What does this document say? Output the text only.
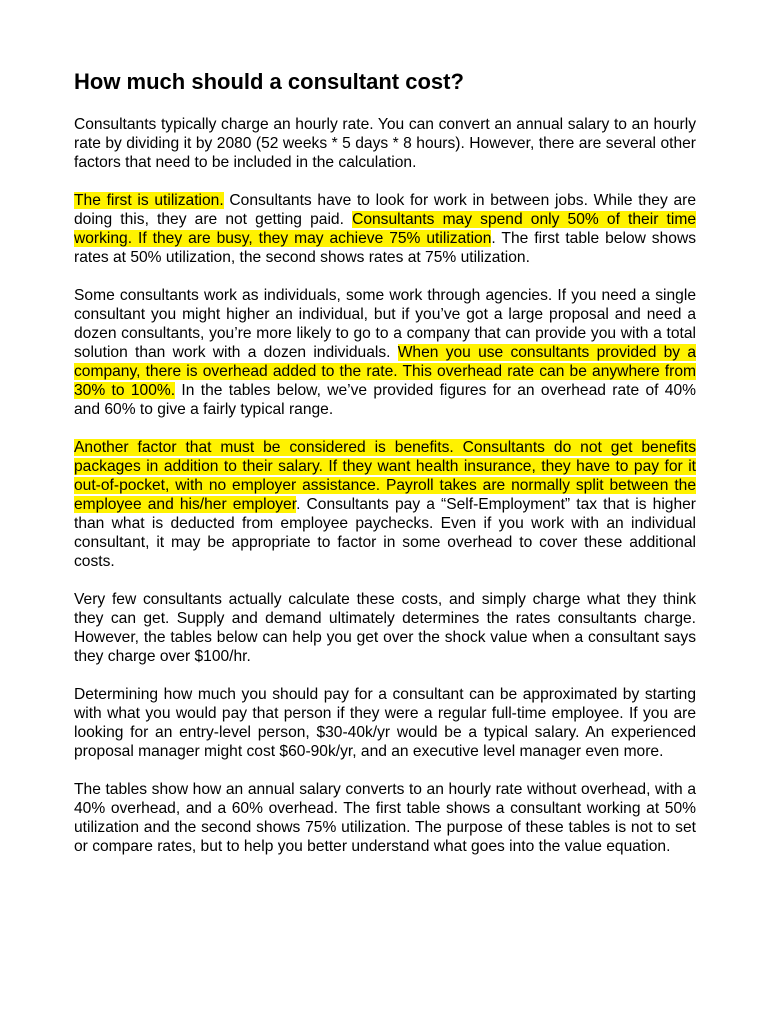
How much should a consultant cost?

Consultants typically charge an hourly rate. You can convert an annual salary to an hourly rate by dividing it by 2080 (52 weeks * 5 days * 8 hours). However, there are several other factors that need to be included in the calculation.

The first is utilization. Consultants have to look for work in between jobs. While they are doing this, they are not getting paid. Consultants may spend only 50% of their time working. If they are busy, they may achieve 75% utilization. The first table below shows rates at 50% utilization, the second shows rates at 75% utilization.

Some consultants work as individuals, some work through agencies. If you need a single consultant you might higher an individual, but if you’ve got a large proposal and need a dozen consultants, you’re more likely to go to a company that can provide you with a total solution than work with a dozen individuals. When you use consultants provided by a company, there is overhead added to the rate. This overhead rate can be anywhere from 30% to 100%. In the tables below, we’ve provided figures for an overhead rate of 40% and 60% to give a fairly typical range.

Another factor that must be considered is benefits. Consultants do not get benefits packages in addition to their salary. If they want health insurance, they have to pay for it out-of-pocket, with no employer assistance. Payroll takes are normally split between the employee and his/her employer. Consultants pay a “Self-Employment” tax that is higher than what is deducted from employee paychecks. Even if you work with an individual consultant, it may be appropriate to factor in some overhead to cover these additional costs.

Very few consultants actually calculate these costs, and simply charge what they think they can get. Supply and demand ultimately determines the rates consultants charge. However, the tables below can help you get over the shock value when a consultant says they charge over $100/hr.

Determining how much you should pay for a consultant can be approximated by starting with what you would pay that person if they were a regular full-time employee. If you are looking for an entry-level person, $30-40k/yr would be a typical salary. An experienced proposal manager might cost $60-90k/yr, and an executive level manager even more.

The tables show how an annual salary converts to an hourly rate without overhead, with a 40% overhead, and a 60% overhead. The first table shows a consultant working at 50% utilization and the second shows 75% utilization. The purpose of these tables is not to set or compare rates, but to help you better understand what goes into the value equation.
